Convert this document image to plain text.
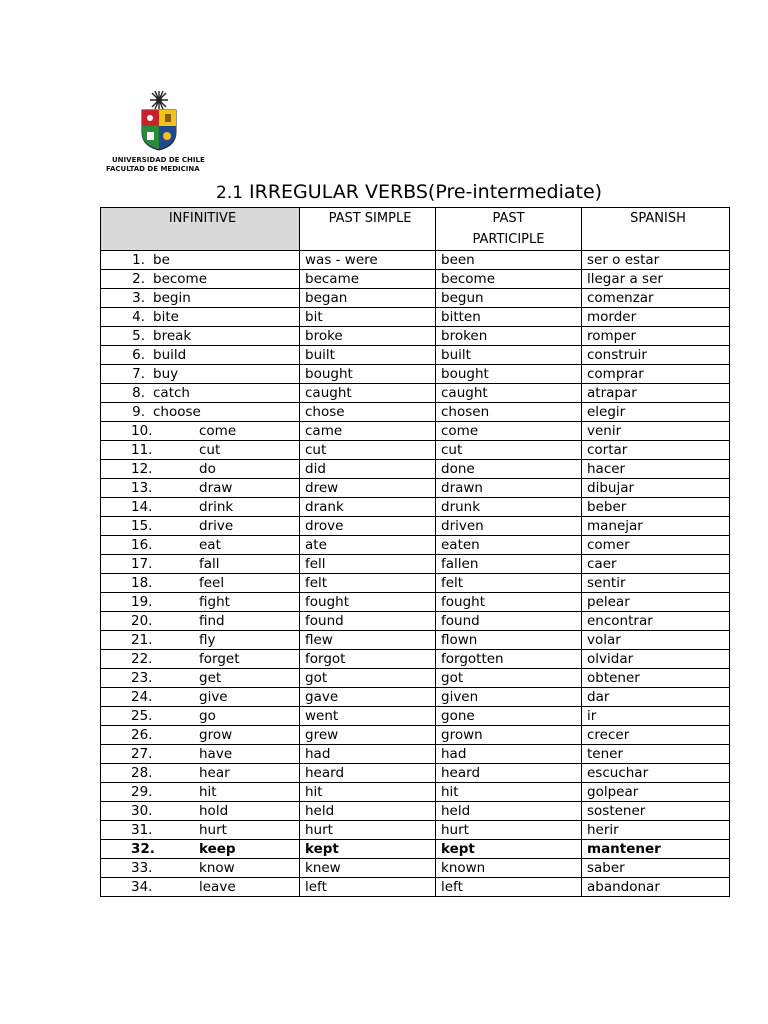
UNIVERSIDAD DE CHILE
FACULTAD DE MEDICINA
2.1 IRREGULAR VERBS(Pre-intermediate)
INFINITIVE	PAST SIMPLE	PAST PARTICIPLE	SPANISH
1. be	was - were	been	ser o estar
2. become	became	become	llegar a ser
3. begin	began	begun	comenzar
4. bite	bit	bitten	morder
5. break	broke	broken	romper
6. build	built	built	construir
7. buy	bought	bought	comprar
8. catch	caught	caught	atrapar
9. choose	chose	chosen	elegir
10. come	came	come	venir
11. cut	cut	cut	cortar
12. do	did	done	hacer
13. draw	drew	drawn	dibujar
14. drink	drank	drunk	beber
15. drive	drove	driven	manejar
16. eat	ate	eaten	comer
17. fall	fell	fallen	caer
18. feel	felt	felt	sentir
19. fight	fought	fought	pelear
20. find	found	found	encontrar
21. fly	flew	flown	volar
22. forget	forgot	forgotten	olvidar
23. get	got	got	obtener
24. give	gave	given	dar
25. go	went	gone	ir
26. grow	grew	grown	crecer
27. have	had	had	tener
28. hear	heard	heard	escuchar
29. hit	hit	hit	golpear
30. hold	held	held	sostener
31. hurt	hurt	hurt	herir
32. keep	kept	kept	mantener
33. know	knew	known	saber
34. leave	left	left	abandonar
